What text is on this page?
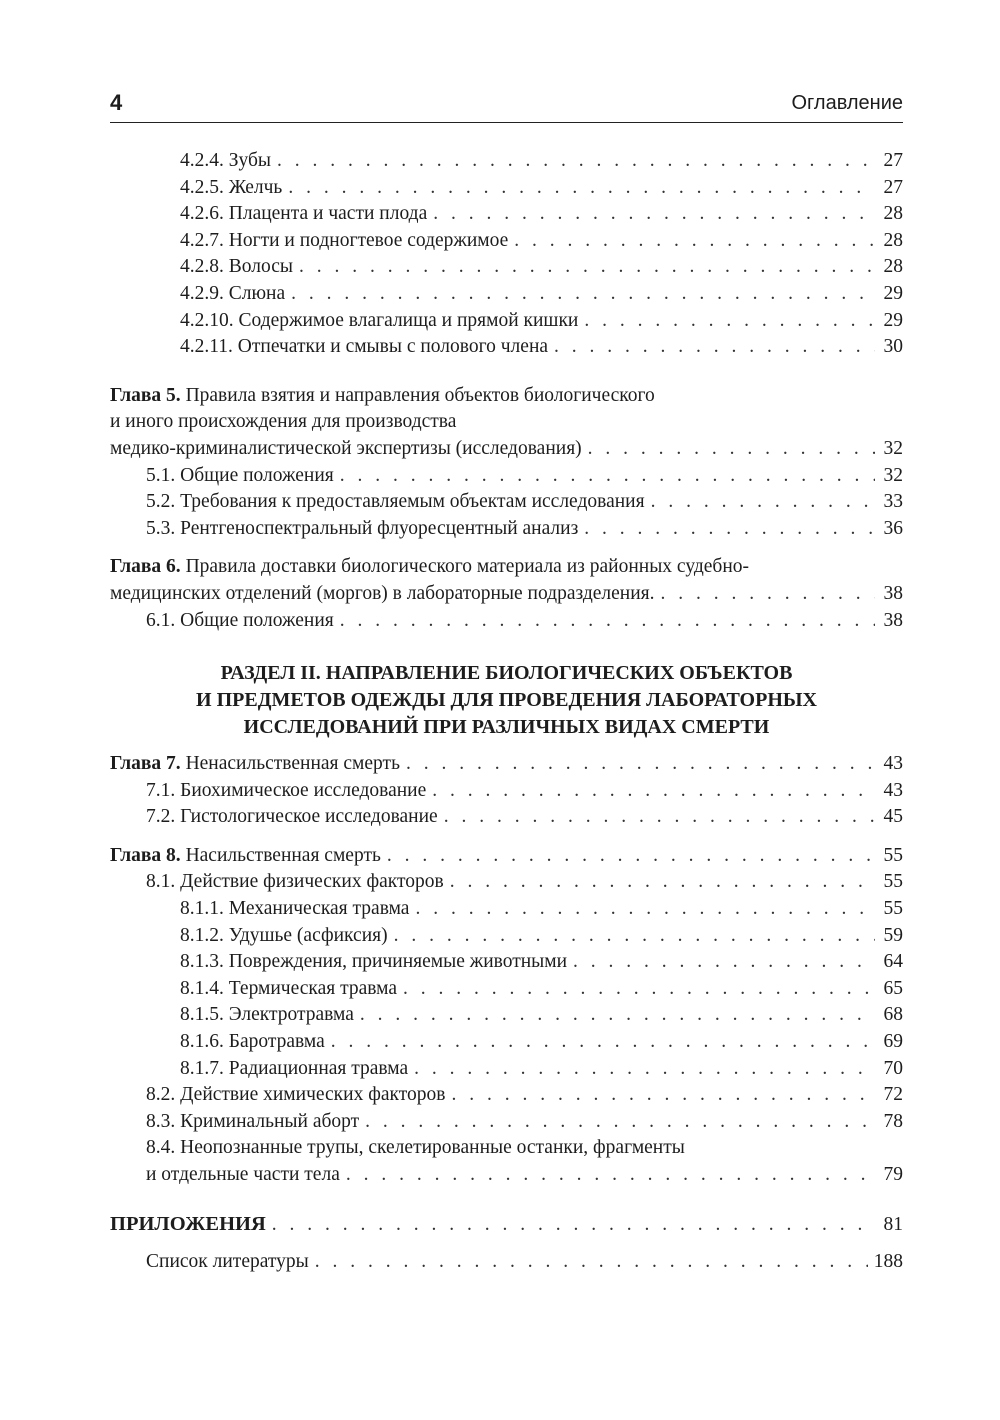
4	Оглавление
4.2.4. Зубы . . .	27
4.2.5. Желчь . . .	27
4.2.6. Плацента и части плода . . .	28
4.2.7. Ногти и подногтевое содержимое . . .	28
4.2.8. Волосы . . .	28
4.2.9. Слюна . . .	29
4.2.10. Содержимое влагалища и прямой кишки . . .	29
4.2.11. Отпечатки и смывы с полового члена . . .	30
Глава 5. Правила взятия и направления объектов биологического
и иного происхождения для производства
медико-криминалистической экспертизы (исследования) . . .	32
5.1. Общие положения . . .	32
5.2. Требования к предоставляемым объектам исследования . . .	33
5.3. Рентгеноспектральный флуоресцентный анализ . . .	36
Глава 6. Правила доставки биологического материала из районных судебно-
медицинских отделений (моргов) в лабораторные подразделения. . . .	38
6.1. Общие положения . . .	38
РАЗДЕЛ II. НАПРАВЛЕНИЕ БИОЛОГИЧЕСКИХ ОБЪЕКТОВ
И ПРЕДМЕТОВ ОДЕЖДЫ ДЛЯ ПРОВЕДЕНИЯ ЛАБОРАТОРНЫХ
ИССЛЕДОВАНИЙ ПРИ РАЗЛИЧНЫХ ВИДАХ СМЕРТИ
Глава 7. Ненасильственная смерть . . .	43
7.1. Биохимическое исследование . . .	43
7.2. Гистологическое исследование . . .	45
Глава 8. Насильственная смерть . . .	55
8.1. Действие физических факторов . . .	55
8.1.1. Механическая травма . . .	55
8.1.2. Удушье (асфиксия) . . .	59
8.1.3. Повреждения, причиняемые животными . . .	64
8.1.4. Термическая травма . . .	65
8.1.5. Электротравма . . .	68
8.1.6. Баротравма . . .	69
8.1.7. Радиационная травма . . .	70
8.2. Действие химических факторов . . .	72
8.3. Криминальный аборт . . .	78
8.4. Неопознанные трупы, скелетированные останки, фрагменты
и отдельные части тела . . .	79
ПРИЛОЖЕНИЯ . . .	81
Список литературы . . .	188
